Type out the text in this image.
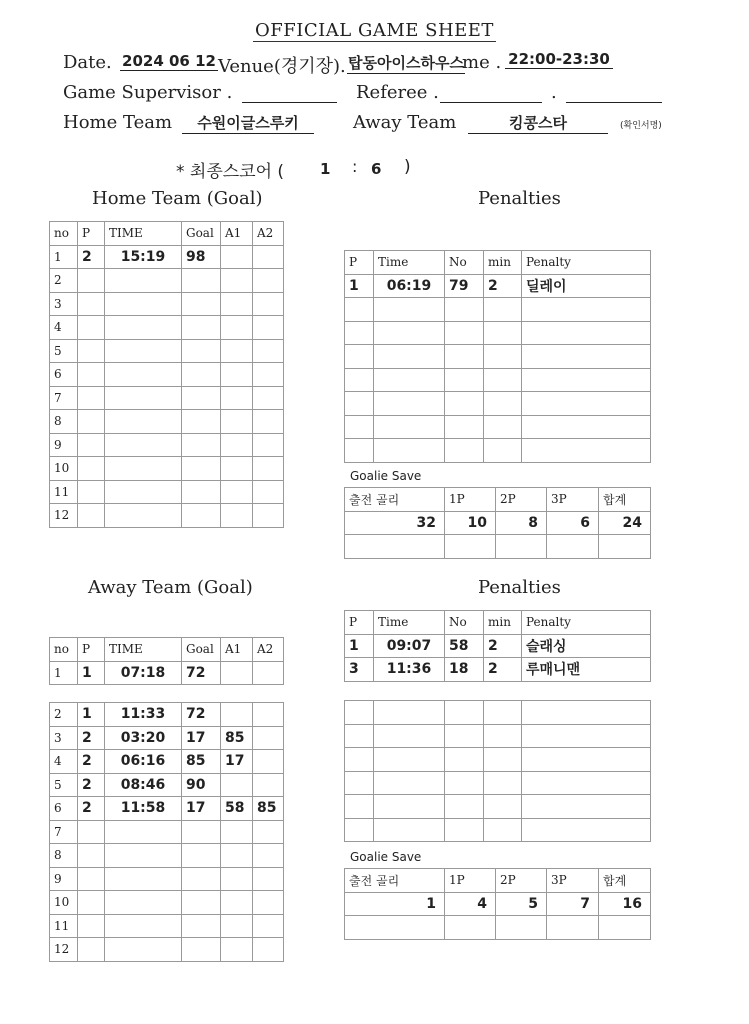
OFFICIAL GAME SHEET
Date. 2024 06 12 Venue(경기장). 탑동아이스하우스
me . 22:00-23:30
Game Supervisor .	Referee .	.
Home Team	수원이글스루키	Away Team	킹콩스타	(확인서명)
* 최종스코어 ( 1 : 6 )
Home Team (Goal)	Penalties
Away Team (Goal)	Penalties
Goalie Save
Goalie Save
no	P	TIME	Goal	A1	A2
1	2	15:19	98		
2					
3					
4					
5					
6					
7					
8					
9					
10					
11					
12					
P	Time	No	min	Penalty
1	06:19	79	2	딜레이

출전 골리	1P	2P	3P	합계
32	10	8	6	24

no	P	TIME	Goal	A1	A2
1	1	07:18	72		
2	1	11:33	72		
3	2	03:20	17	85	
4	2	06:16	85	17	
5	2	08:46	90		
6	2	11:58	17	58	85
7					
8					
9					
10					
11					
12					
P	Time	No	min	Penalty
1	09:07	58	2	슬래싱
3	11:36	18	2	루매니맨

출전 골리	1P	2P	3P	합계
1	4	5	7	16
